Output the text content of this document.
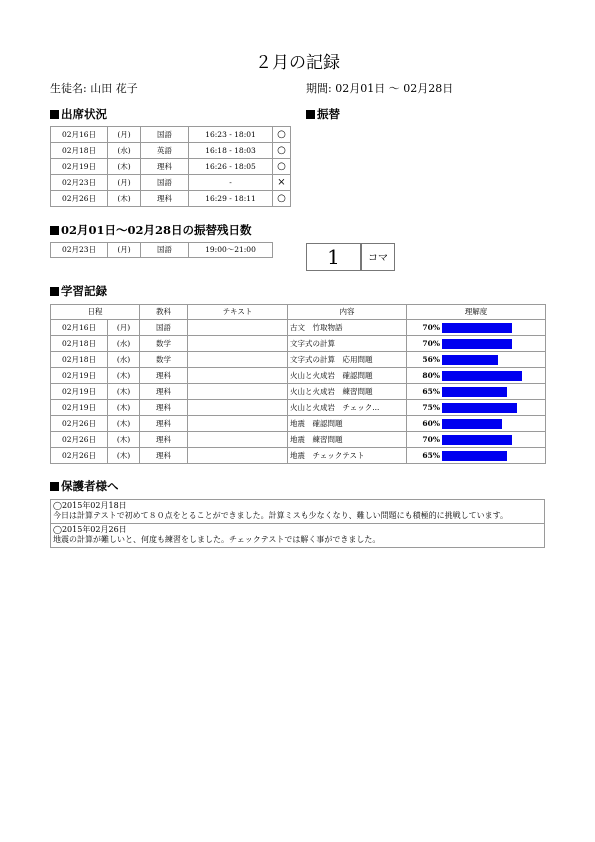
２月の記録
生徒名: 山田 花子	期間: 02月01日 〜 02月28日
出席状況	振替
02月16日	(月)	国語	16:23 - 18:01	○
02月18日	(水)	英語	16:18 - 18:03	○
02月19日	(木)	理科	16:26 - 18:05	○
02月23日	(月)	国語	-	×
02月26日	(木)	理科	16:29 - 18:11	○
02月01日〜02月28日の振替残日数
02月23日	(月)	国語	19:00〜21:00	1	コマ
学習記録
日程		教科	テキスト	内容	理解度
02月16日	(月)	国語		古文　竹取物語	70%

02月18日	(水)	数学		文字式の計算	70%

02月18日	(水)	数学		文字式の計算　応用問題	56%

02月19日	(木)	理科		火山と火成岩　確認問題	80%

02月19日	(木)	理科		火山と火成岩　練習問題	65%

02月19日	(木)	理科		火山と火成岩　チェック...	75%

02月26日	(木)	理科		地震　確認問題	60%

02月26日	(木)	理科		地震　練習問題	70%

02月26日	(木)	理科		地震　チェックテスト	65%
保護者様へ
◯2015年02月18日
今日は計算テストで初めて８０点をとることができました。計算ミスも少なくなり、難しい問題にも積極的に挑戦しています。

◯2015年02月26日
地震の計算が難しいと、何度も練習をしました。チェックテストでは解く事ができました。
